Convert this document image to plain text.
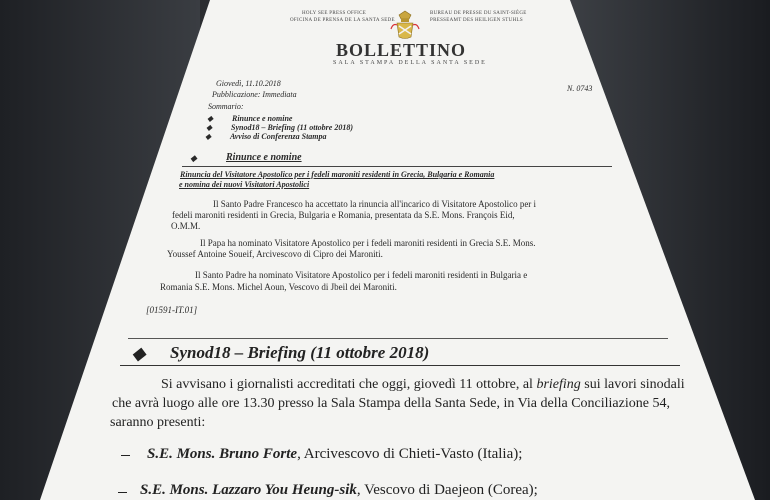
HOLY SEE PRESS OFFICE
OFICINA DE PRENSA DE LA SANTA SEDE
BUREAU DE PRESSE DU SAINT-SIÈGE
PRESSEAMT DES HEILIGEN STUHLS
BOLLETTINO
SALA STAMPA DELLA SANTA SEDE
Giovedì, 11.10.2018
N. 0743
Pubblicazione: Immediata
Sommario:
◆ Rinunce e nomine
◆ Synod18 – Briefing (11 ottobre 2018)
◆ Avviso di Conferenza Stampa
◆	Rinunce e nomine
Rinuncia del Visitatore Apostolico per i fedeli maroniti residenti in Grecia, Bulgaria e Romania
e nomina dei nuovi Visitatori Apostolici
Il Santo Padre Francesco ha accettato la rinuncia all'incarico di Visitatore Apostolico per i
fedeli maroniti residenti in Grecia, Bulgaria e Romania, presentata da S.E. Mons. François Eid,
O.M.M.
Il Papa ha nominato Visitatore Apostolico per i fedeli maroniti residenti in Grecia S.E. Mons.
Youssef Antoine Soueif, Arcivescovo di Cipro dei Maroniti.
Il Santo Padre ha nominato Visitatore Apostolico per i fedeli maroniti residenti in Bulgaria e
Romania S.E. Mons. Michel Aoun, Vescovo di Jbeil dei Maroniti.
[01591-IT.01]
◆ Synod18 – Briefing (11 ottobre 2018)
Si avvisano i giornalisti accreditati che oggi, giovedì 11 ottobre, al briefing sui lavori sinodali
che avrà luogo alle ore 13.30 presso la Sala Stampa della Santa Sede, in Via della Conciliazione 54,
saranno presenti:
S.E. Mons. Bruno Forte, Arcivescovo di Chieti-Vasto (Italia);
S.E. Mons. Lazzaro You Heung-sik, Vescovo di Daejeon (Corea);
